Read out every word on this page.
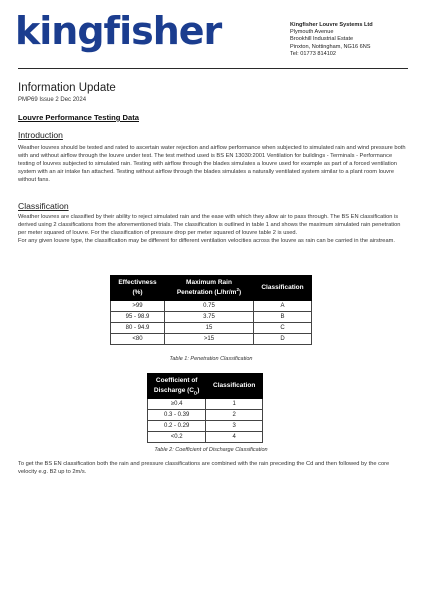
kingfisher	Kingfisher Louvre Systems Ltd
Plymouth Avenue
Brookhill Industrial Estate
Pinxton, Nottingham, NG16 6NS
Tel: 01773 814102
Information Update
PMP69 Issue 2 Dec 2024
Louvre Performance Testing Data
Introduction

Weather louvres should be tested and rated to ascertain water rejection and airflow performance when subjected to simulated rain and wind pressure both with and without airflow through the louvre under test. The test method used is BS EN 13030:2001 Ventilation for buildings - Terminals - Performance testing of louvres subjected to simulated rain. Testing with airflow through the blades simulates a louvre used for example as part of a forced ventilation system with an air intake fan attached. Testing without airflow through the blades simulates a naturally ventilated system similar to a plant room louvre without fans.

Classification

Weather louvres are classified by their ability to reject simulated rain and the ease with which they allow air to pass through. The BS EN classification is derived using 2 classifications from the aforementioned trials. The classification is outlined in table 1 and shows the maximum simulated rain penetration per meter squared of louvre. For the classification of pressure drop per meter squared of louvre table 2 is used.

For any given louvre type, the classification may be different for different ventilation velocities across the louvre as rain can be carried in the airstream.

Effectivness (%)	Maximum Rain Penetration $(L/hr/m^2)$	Classification
>99	0.75	A
95 - 98.9	3.75	B
80 - 94.9	15	C
<80	>15	D
Table 1: Penetration Classification
Coefficient of Discharge $(C_D)$	Classification
≥0.4	1
0.3 - 0.39	2
0.2 - 0.29	3
<0.2	4
Table 2: Coefficient of Discharge Classification

To get the BS EN classification both the rain and pressure classifications are combined with the rain preceding the Cd and then followed by the core velocity e.g. B2 up to 2m/s.
